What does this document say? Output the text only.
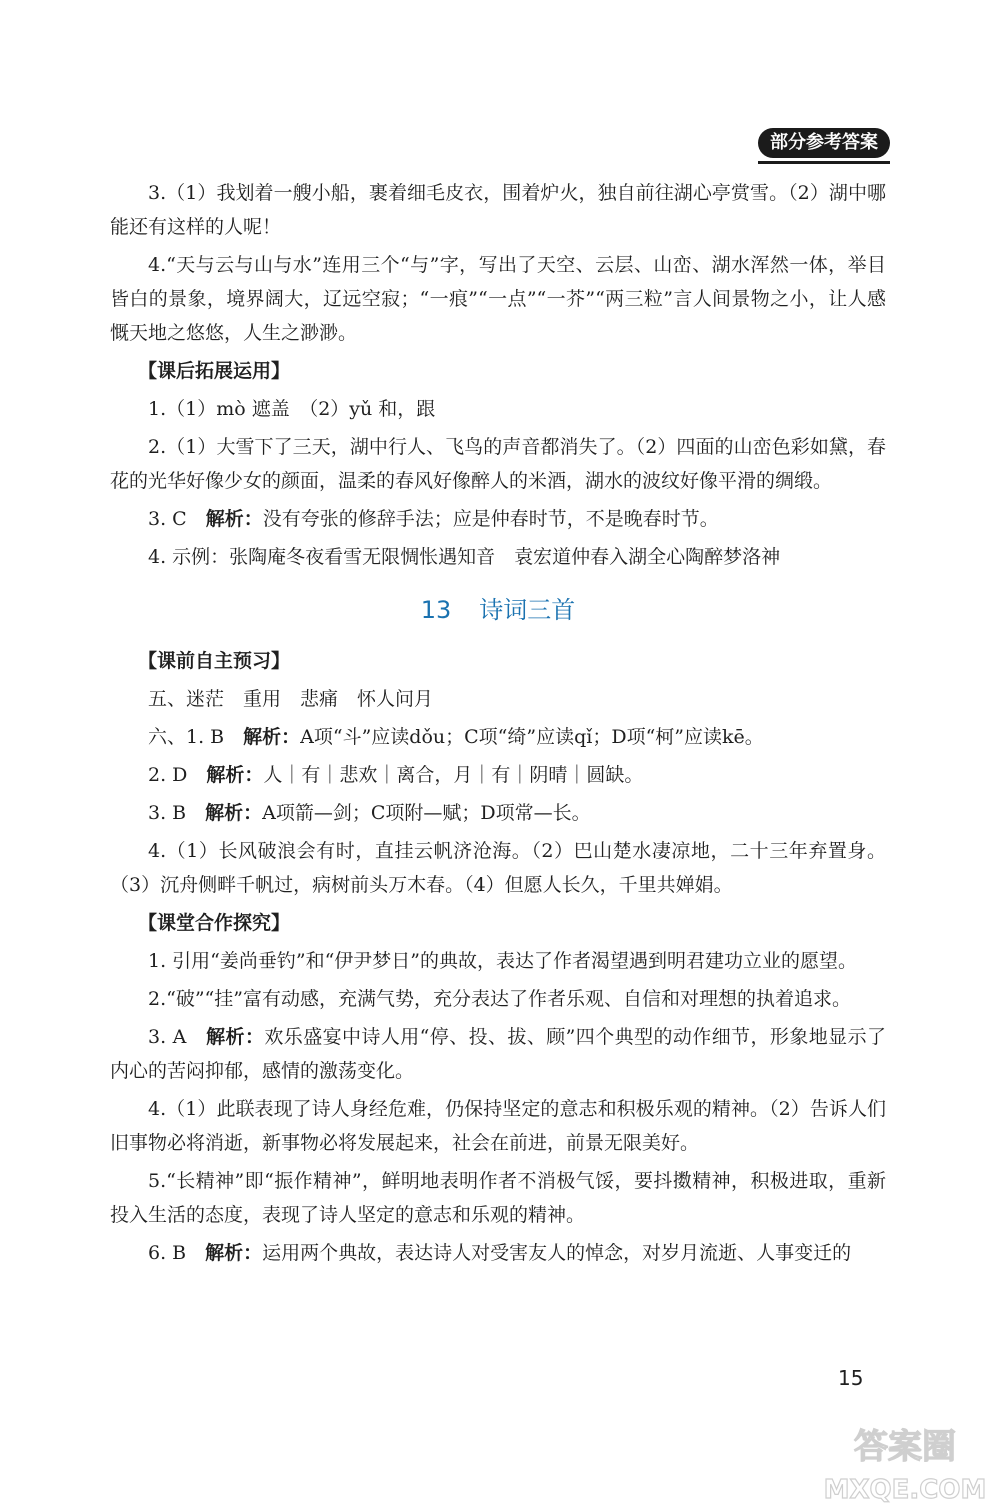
部分参考答案

3.（1）我划着一艘小船，裹着细毛皮衣，围着炉火，独自前往湖心亭赏雪。（2）湖中哪能还有这样的人呢！

4.“天与云与山与水”连用三个“与”字，写出了天空、云层、山峦、湖水浑然一体，举目皆白的景象，境界阔大，辽远空寂；“一痕”“一点”“一芥”“两三粒”言人间景物之小，让人感慨天地之悠悠，人生之渺渺。

【课后拓展运用】

1.（1）mò 遮盖　（2）yǔ 和，跟

2.（1）大雪下了三天，湖中行人、飞鸟的声音都消失了。（2）四面的山峦色彩如黛，春花的光华好像少女的颜面，温柔的春风好像醉人的米酒，湖水的波纹好像平滑的绸缎。

3. C　解析：没有夸张的修辞手法；应是仲春时节，不是晚春时节。

4. 示例：张陶庵冬夜看雪无限惆怅遇知音　袁宏道仲春入湖全心陶醉梦洛神

13 诗词三首

【课前自主预习】

五、迷茫　重用　悲痛　怀人问月

六、1. B　解析：A项“斗”应读dǒu；C项“绮”应读qǐ；D项“柯”应读kē。

2. D　解析：人｜有｜悲欢｜离合，月｜有｜阴晴｜圆缺。

3. B　解析：A项箭—剑；C项附—赋；D项常—长。

4.（1）长风破浪会有时，直挂云帆济沧海。（2）巴山楚水凄凉地，二十三年弃置身。（3）沉舟侧畔千帆过，病树前头万木春。（4）但愿人长久，千里共婵娟。

【课堂合作探究】

1. 引用“姜尚垂钓”和“伊尹梦日”的典故，表达了作者渴望遇到明君建功立业的愿望。

2.“破”“挂”富有动感，充满气势，充分表达了作者乐观、自信和对理想的执着追求。

3. A　解析：欢乐盛宴中诗人用“停、投、拔、顾”四个典型的动作细节，形象地显示了内心的苦闷抑郁，感情的激荡变化。

4.（1）此联表现了诗人身经危难，仍保持坚定的意志和积极乐观的精神。（2）告诉人们旧事物必将消逝，新事物必将发展起来，社会在前进，前景无限美好。

5.“长精神”即“振作精神”，鲜明地表明作者不消极气馁，要抖擞精神，积极进取，重新投入生活的态度，表现了诗人坚定的意志和乐观的精神。

6. B　解析：运用两个典故，表达诗人对受害友人的悼念，对岁月流逝、人事变迁的

15
答案圈
MXQE.COM
